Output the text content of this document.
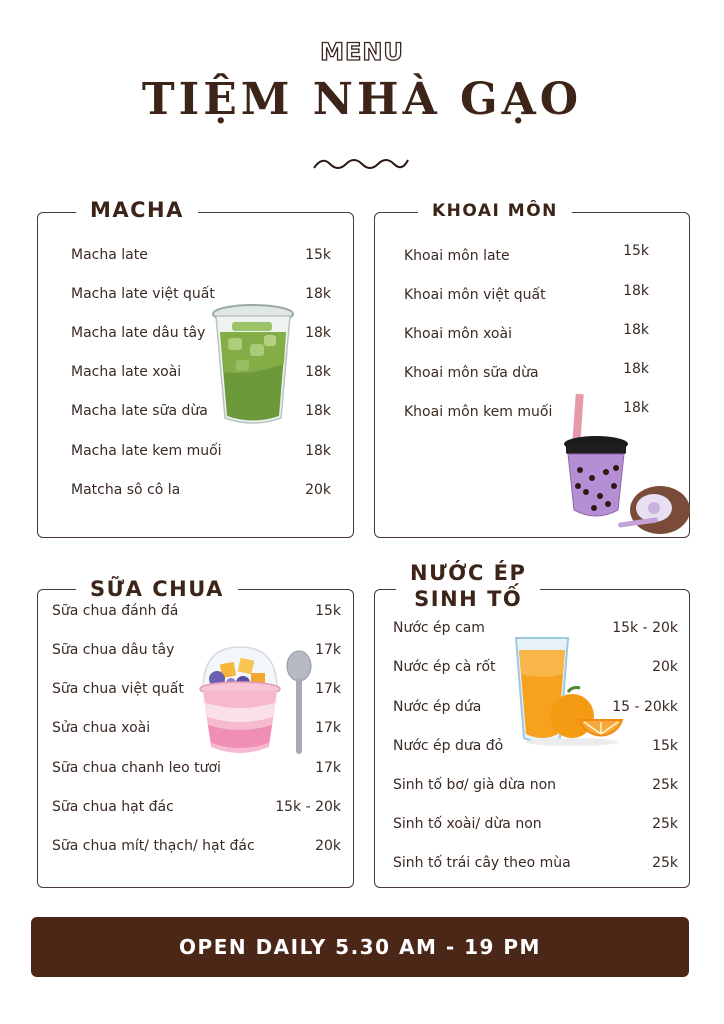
MENU
TIỆM NHÀ GẠO
MACHA
Macha late	15k
Macha late việt quất	18k
Macha late dâu tây	18k
Macha late xoài	18k
Macha late sữa dừa	18k
Macha late kem muối	18k
Matcha sô cô la	20k
KHOAI MÔN
Khoai môn late	15k
Khoai môn việt quất	18k
Khoai môn xoài	18k
Khoai môn sữa dừa	18k
Khoai môn kem muối	18k
SỮA CHUA
Sữa chua đánh đá	15k
Sữa chua dâu tây	17k
Sữa chua việt quất	17k
Sửa chua xoài	17k
Sữa chua chanh leo tươi	17k
Sữa chua hạt đác	15k - 20k
Sữa chua mít/ thạch/ hạt đác	20k
NƯỚC ÉP
SINH TỐ
Nước ép cam	15k - 20k
Nước ép cà rốt	20k
Nước ép dứa	15 - 20kk
Nước ép dưa đỏ	15k
Sinh tố bơ/ già dừa non	25k
Sinh tố xoài/ dừa non	25k
Sinh tố trái cây theo mùa	25k
OPEN DAILY 5.30 AM - 19 PM
